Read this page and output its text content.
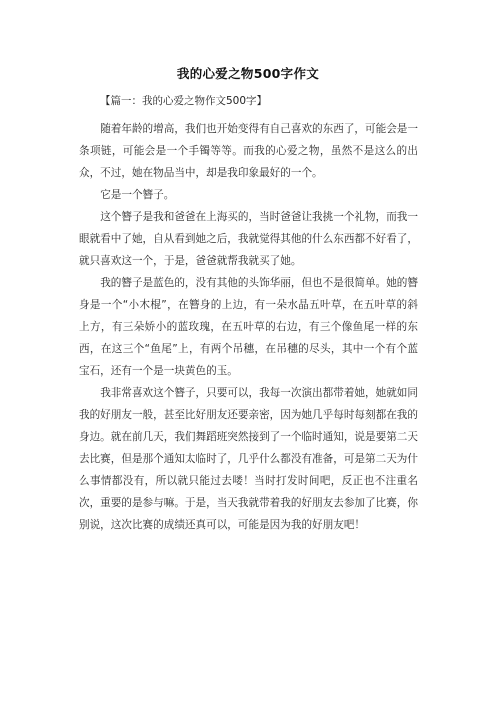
我的心爱之物500字作文
【篇一：我的心爱之物作文500字】

随着年龄的增高，我们也开始变得有自己喜欢的东西了，可能会是一条项链，可能会是一个手镯等等。而我的心爱之物，虽然不是这么的出众，不过，她在物品当中，却是我印象最好的一个。

它是一个簪子。

这个簪子是我和爸爸在上海买的，当时爸爸让我挑一个礼物，而我一眼就看中了她，自从看到她之后，我就觉得其他的什么东西都不好看了，就只喜欢这一个，于是，爸爸就帮我就买了她。

我的簪子是蓝色的，没有其他的头饰华丽，但也不是很简单。她的簪身是一个“小木棍”，在簪身的上边，有一朵水晶五叶草，在五叶草的斜上方，有三朵娇小的蓝玫瑰，在五叶草的右边，有三个像鱼尾一样的东西，在这三个“鱼尾”上，有两个吊穗，在吊穗的尽头，其中一个有个蓝宝石，还有一个是一块黄色的玉。

我非常喜欢这个簪子，只要可以，我每一次演出都带着她，她就如同我的好朋友一般，甚至比好朋友还要亲密，因为她几乎每时每刻都在我的身边。就在前几天，我们舞蹈班突然接到了一个临时通知，说是要第二天去比赛，但是那个通知太临时了，几乎什么都没有准备，可是第二天为什么事情都没有，所以就只能过去喽！当时打发时间吧，反正也不注重名次，重要的是参与嘛。于是，当天我就带着我的好朋友去参加了比赛，你别说，这次比赛的成绩还真可以，可能是因为我的好朋友吧！
